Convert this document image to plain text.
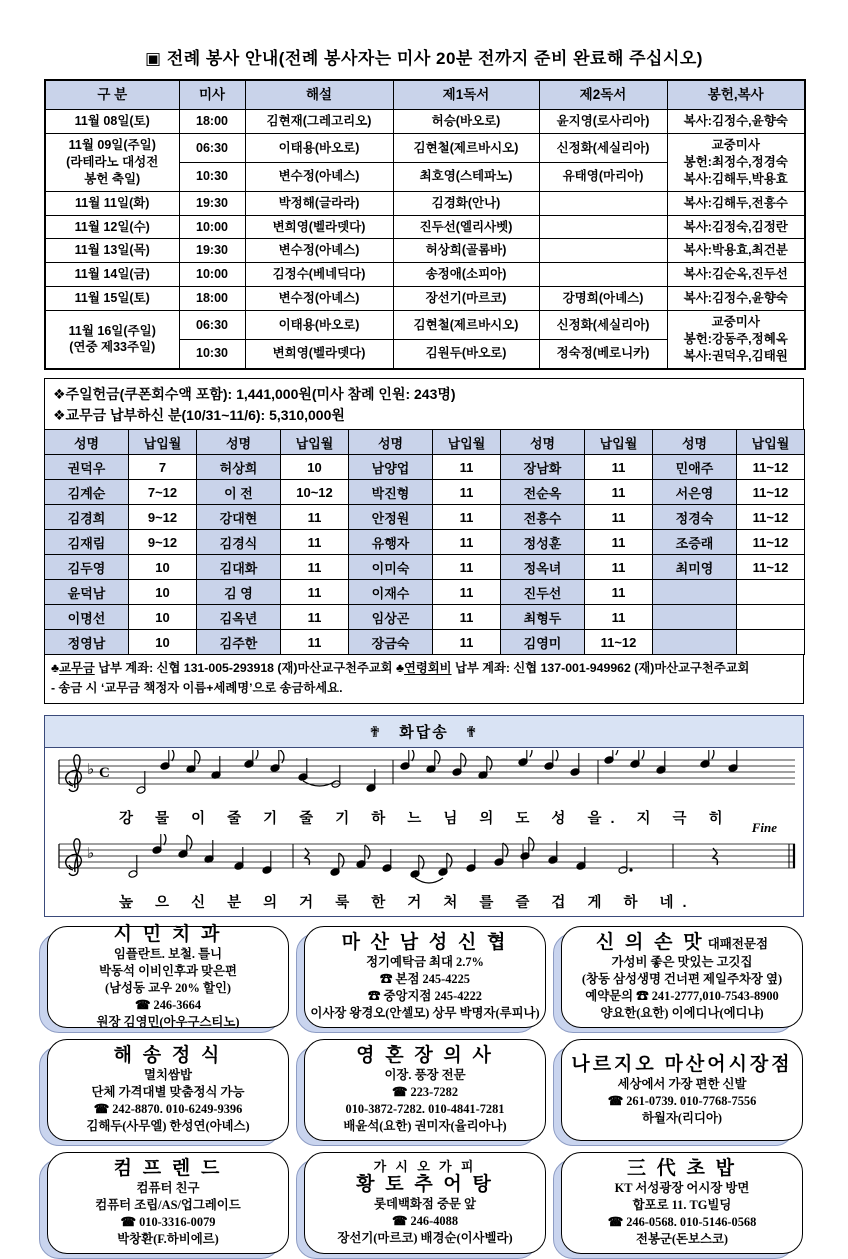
▣ 전례 봉사 안내(전례 봉사자는 미사 20분 전까지 준비 완료해 주십시오)
구 분	미사	해설	제1독서	제2독서	봉헌,복사

11월 08일(토)	18:00	김현재(그레고리오)	허승(바오로)	윤지영(로사리아)	복사:김정수,윤향숙

11월 09일(주일)
(라테라노 대성전
봉헌 축일)	06:30	이태용(바오로)	김현철(제르바시오)	신정화(세실리아)	교중미사
봉헌:최정수,정경숙
복사:김해두,박용효

	10:30	변수정(아녜스)	최호영(스테파노)	유태영(마리아)	

11월 11일(화)	19:30	박정해(글라라)	김경화(안나)		복사:김해두,전흥수

11월 12일(수)	10:00	변희영(벨라뎃다)	진두선(엘리사벳)		복사:김정숙,김정란

11월 13일(목)	19:30	변수정(아녜스)	허상희(골롬바)		복사:박용효,최건분

11월 14일(금)	10:00	김정수(베네딕다)	송정애(소피아)		복사:김순옥,진두선

11월 15일(토)	18:00	변수정(아녜스)	장선기(마르코)	강명희(아녜스)	복사:김정수,윤향숙

11월 16일(주일)
(연중 제33주일)	06:30	이태용(바오로)	김현철(제르바시오)	신정화(세실리아)	교중미사
봉헌:강동주,정혜옥
복사:권덕우,김태원

	10:30	변희영(벨라뎃다)	김원두(바오로)	정숙정(베로니카)	
❖주일헌금(쿠폰회수액 포함): 1,441,000원(미사 참례 인원: 243명)
❖교무금 납부하신 분(10/31~11/6): 5,310,000원
성명	납입월	성명	납입월	성명	납입월	성명	납입월	성명	납입월
권덕우	7	허상희	10	남양업	11	장남화	11	민애주	11~12
김계순	7~12	이 전	10~12	박진형	11	전순옥	11	서은영	11~12
김경희	9~12	강대현	11	안정원	11	전흥수	11	정경숙	11~12
김재림	9~12	김경식	11	유행자	11	정성훈	11	조증래	11~12
김두영	10	김대화	11	이미숙	11	정옥녀	11	최미영	11~12
윤덕남	10	김 영	11	이재수	11	진두선	11		
이명선	10	김옥년	11	임상곤	11	최형두	11		
정영남	10	김주한	11	장금숙	11	김영미	11~12		
♣교무금 납부 계좌: 신협 131-005-293918 (재)마산교구천주교회 ♣연령회비 납부 계좌: 신협 137-001-949962 (재)마산교구천주교회
- 송금 시 ‘교무금 책정자 이름+세례명’으로 송금하세요.
✟ 화답송 ✟
♭ C
강 물 이 줄 기 줄 기 하 느 님 의 도 성 을. 지 극 히
Fine
♭
높 으 신 분 의 거 룩 한 거 처 를 즐 겁 게 하 네.
시 민 치 과
임플란트. 보철. 틀니
박동석 이비인후과 맞은편
(남성동 교우 20% 할인)
☎ 246-3664
원장 김영민(아우구스티노)
마 산 남 성 신 협
정기예탁금 최대 2.7%
☎ 본점 245-4225
☎ 중앙지점 245-4222
이사장 왕경오(안셀모) 상무 박명자(루피나)
신 의 손 맛 대패전문점
가성비 좋은 맛있는 고깃집
(창동 삼성생명 건너편 제일주차장 옆)
예약문의 ☎ 241-2777,010-7543-8900
양요한(요한) 이에디나(에디냐)
해 송 정 식
멸치쌈밥
단체 가격대별 맞춤정식 가능
☎ 242-8870. 010-6249-9396
김해두(사무엘) 한성연(아녜스)
영 혼 장 의 사
이장. 풍장 전문
☎ 223-7282
010-3872-7282. 010-4841-7281
배윤석(요한) 권미자(율리아나)
나르지오 마산어시장점
세상에서 가장 편한 신발
☎ 261-0739. 010-7768-7556
하월자(리디아)
컴 프 렌 드
컴퓨터 친구
컴퓨터 조립/AS/업그레이드
☎ 010-3316-0079
박창환(F.하비에르)
가 시 오 가 피
황 토 추 어 탕
롯데백화점 중문 앞
☎ 246-4088
장선기(마르코) 배경순(이사벨라)
三 代 초 밥
KT 서성광장 어시장 방면
합포로 11. TG빌딩
☎ 246-0568. 010-5146-0568
전봉군(돈보스코)
